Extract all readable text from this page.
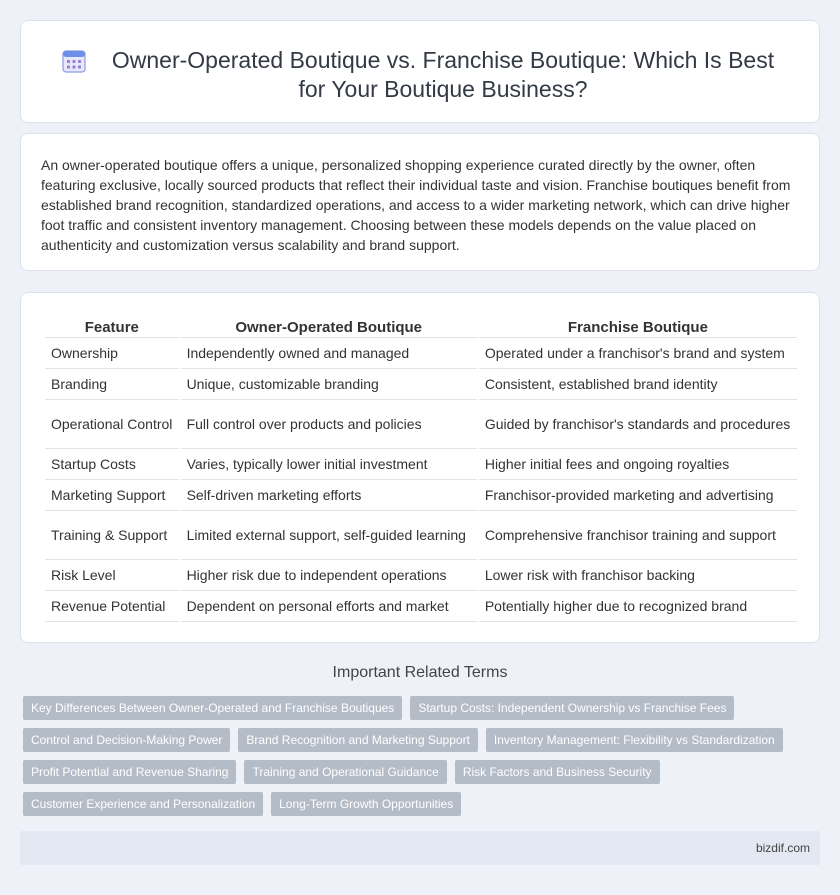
Owner-Operated Boutique vs. Franchise Boutique: Which Is Best for Your Boutique Business?

An owner-operated boutique offers a unique, personalized shopping experience curated directly by the owner, often featuring exclusive, locally sourced products that reflect their individual taste and vision. Franchise boutiques benefit from established brand recognition, standardized operations, and access to a wider marketing network, which can drive higher foot traffic and consistent inventory management. Choosing between these models depends on the value placed on authenticity and customization versus scalability and brand support.

Feature	Owner-Operated Boutique	Franchise Boutique
Ownership	Independently owned and managed	Operated under a franchisor's brand and system
Branding	Unique, customizable branding	Consistent, established brand identity
Operational Control	Full control over products and policies	Guided by franchisor's standards and procedures
Startup Costs	Varies, typically lower initial investment	Higher initial fees and ongoing royalties
Marketing Support	Self-driven marketing efforts	Franchisor-provided marketing and advertising
Training & Support	Limited external support, self-guided learning	Comprehensive franchisor training and support
Risk Level	Higher risk due to independent operations	Lower risk with franchisor backing
Revenue Potential	Dependent on personal efforts and market	Potentially higher due to recognized brand
Important Related Terms
Key Differences Between Owner-Operated and Franchise Boutiques	Startup Costs: Independent Ownership vs Franchise Fees
Control and Decision-Making Power	Brand Recognition and Marketing Support	Inventory Management: Flexibility vs Standardization
Profit Potential and Revenue Sharing	Training and Operational Guidance	Risk Factors and Business Security
Customer Experience and Personalization	Long-Term Growth Opportunities
bizdif.com
